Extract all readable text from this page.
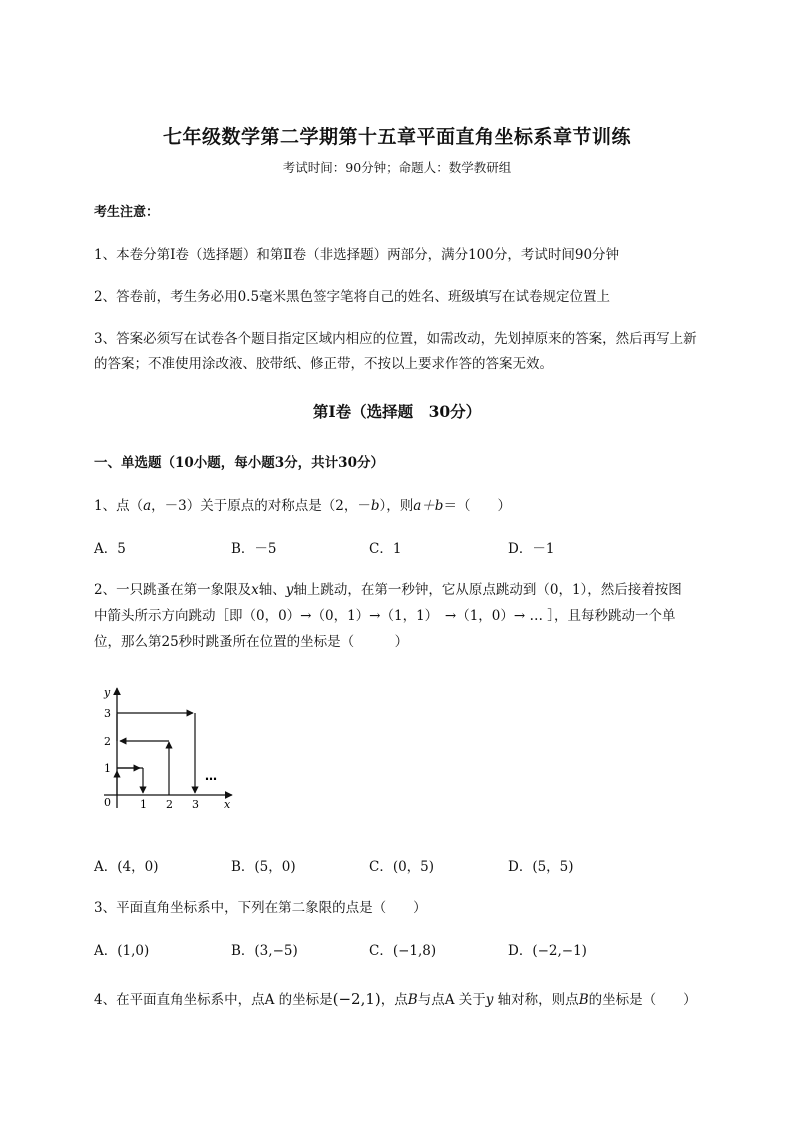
七年级数学第二学期第十五章平面直角坐标系章节训练
考试时间：90分钟；命题人：数学教研组
考生注意：
1、本卷分第I卷（选择题）和第Ⅱ卷（非选择题）两部分，满分100分，考试时间90分钟
2、答卷前，考生务必用0.5毫米黑色签字笔将自己的姓名、班级填写在试卷规定位置上
3、答案必须写在试卷各个题目指定区域内相应的位置，如需改动，先划掉原来的答案，然后再写上新
的答案；不准使用涂改液、胶带纸、修正带，不按以上要求作答的答案无效。
第I卷（选择题　30分）
一、单选题（10小题，每小题3分，共计30分）
1、点（a，－3）关于原点的对称点是（2，－b），则a＋b＝（　　）
A．5	B．－5	C．1	D．－1
2、一只跳蚤在第一象限及x轴、y轴上跳动，在第一秒钟，它从原点跳动到（0，1），然后接着按图
中箭头所示方向跳动［即（0，0）→（0，1）→（1，1）　→（1，0）→ … ］，且每秒跳动一个单
位，那么第25秒时跳蚤所在位置的坐标是（　　　）
y
x
0	1 2 3
1
2
3
…
A．(4，0)	B．(5，0)	C．(0，5)	D．(5，5)
3、平面直角坐标系中，下列在第二象限的点是（　　）
A．(1,0)	B．(3,−5)	C．(−1,8)	D．(−2,−1)
4、在平面直角坐标系中，点A 的坐标是(−2,1)，点B与点A 关于y 轴对称，则点B的坐标是（　　）
